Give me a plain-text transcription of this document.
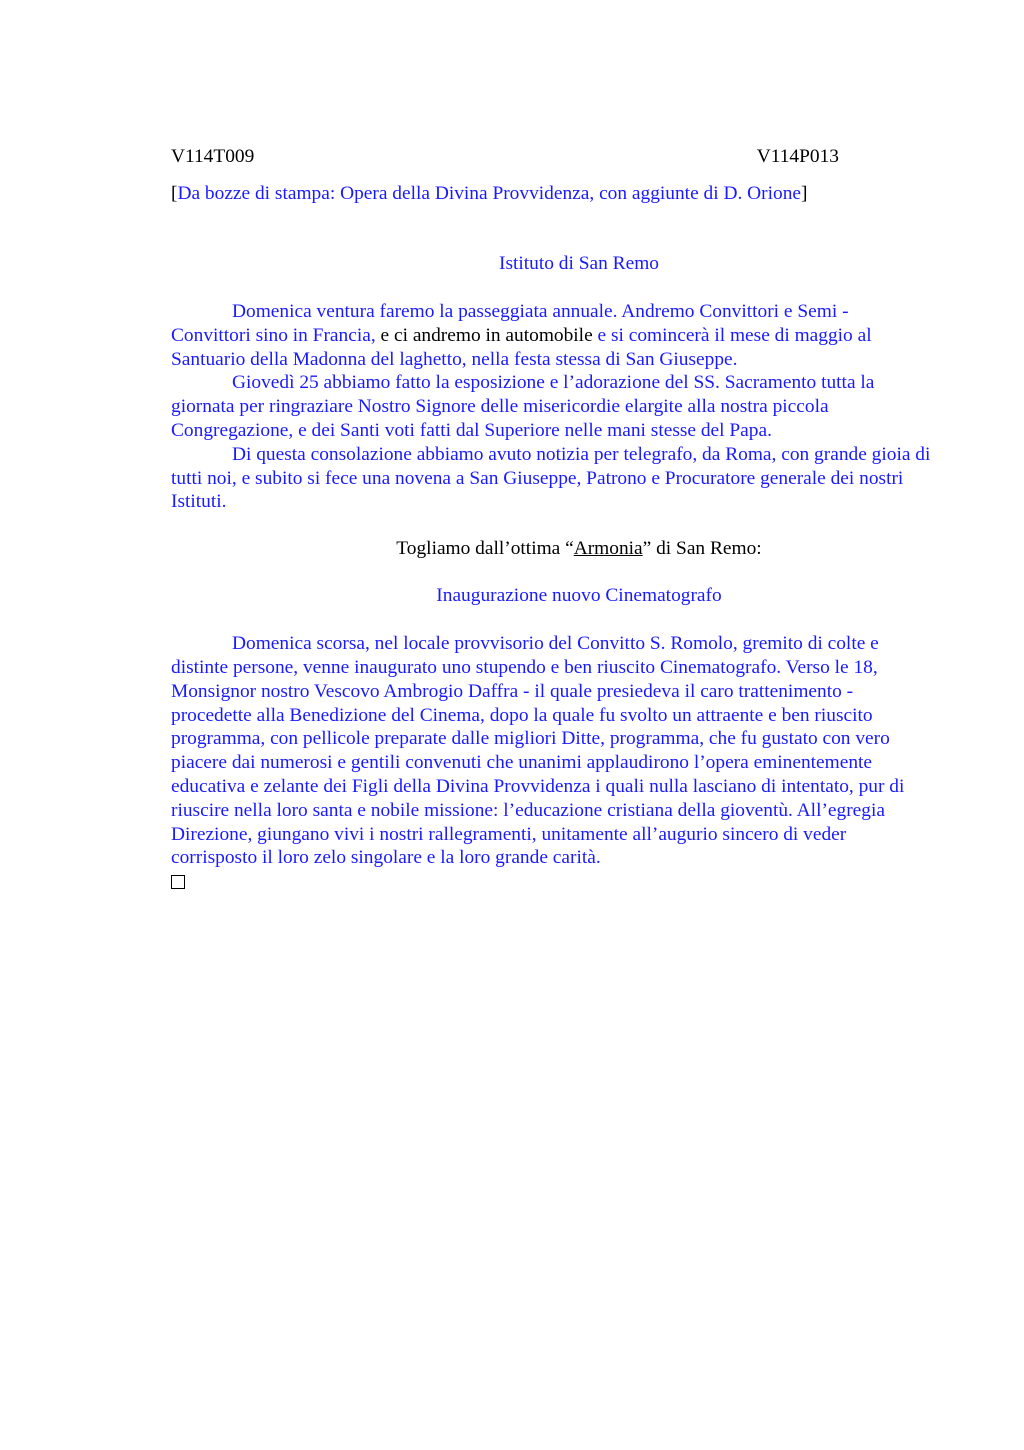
V114T009	V114P013
[Da bozze di stampa: Opera della Divina Provvidenza, con aggiunte di D. Orione]
Istituto di San Remo

Domenica ventura faremo la passeggiata annuale. Andremo Convittori e Semi - Convittori sino in Francia, e ci andremo in automobile e si comincerà il mese di maggio al Santuario della Madonna del laghetto, nella festa stessa di San Giuseppe.

Giovedì 25 abbiamo fatto la esposizione e l’adorazione del SS. Sacramento tutta la giornata per ringraziare Nostro Signore delle misericordie elargite alla nostra piccola Congregazione, e dei Santi voti fatti dal Superiore nelle mani stesse del Papa.

Di questa consolazione abbiamo avuto notizia per telegrafo, da Roma, con grande gioia di tutti noi, e subito si fece una novena a San Giuseppe, Patrono e Procuratore generale dei nostri Istituti.

Togliamo dall’ottima “Armonia” di San Remo:
Inaugurazione nuovo Cinematografo

Domenica scorsa, nel locale provvisorio del Convitto S. Romolo, gremito di colte e distinte persone, venne inaugurato uno stupendo e ben riuscito Cinematografo. Verso le 18, Monsignor nostro Vescovo Ambrogio Daffra - il quale presiedeva il caro trattenimento - procedette alla Benedizione del Cinema, dopo la quale fu svolto un attraente e ben riuscito programma, con pellicole preparate dalle migliori Ditte, programma, che fu gustato con vero piacere dai numerosi e gentili convenuti che unanimi applaudirono l’opera eminentemente educativa e zelante dei Figli della Divina Provvidenza i quali nulla lasciano di intentato, pur di riuscire nella loro santa e nobile missione: l’educazione cristiana della gioventù. All’egregia Direzione, giungano vivi i nostri rallegramenti, unitamente all’augurio sincero di veder corrisposto il loro zelo singolare e la loro grande carità.
